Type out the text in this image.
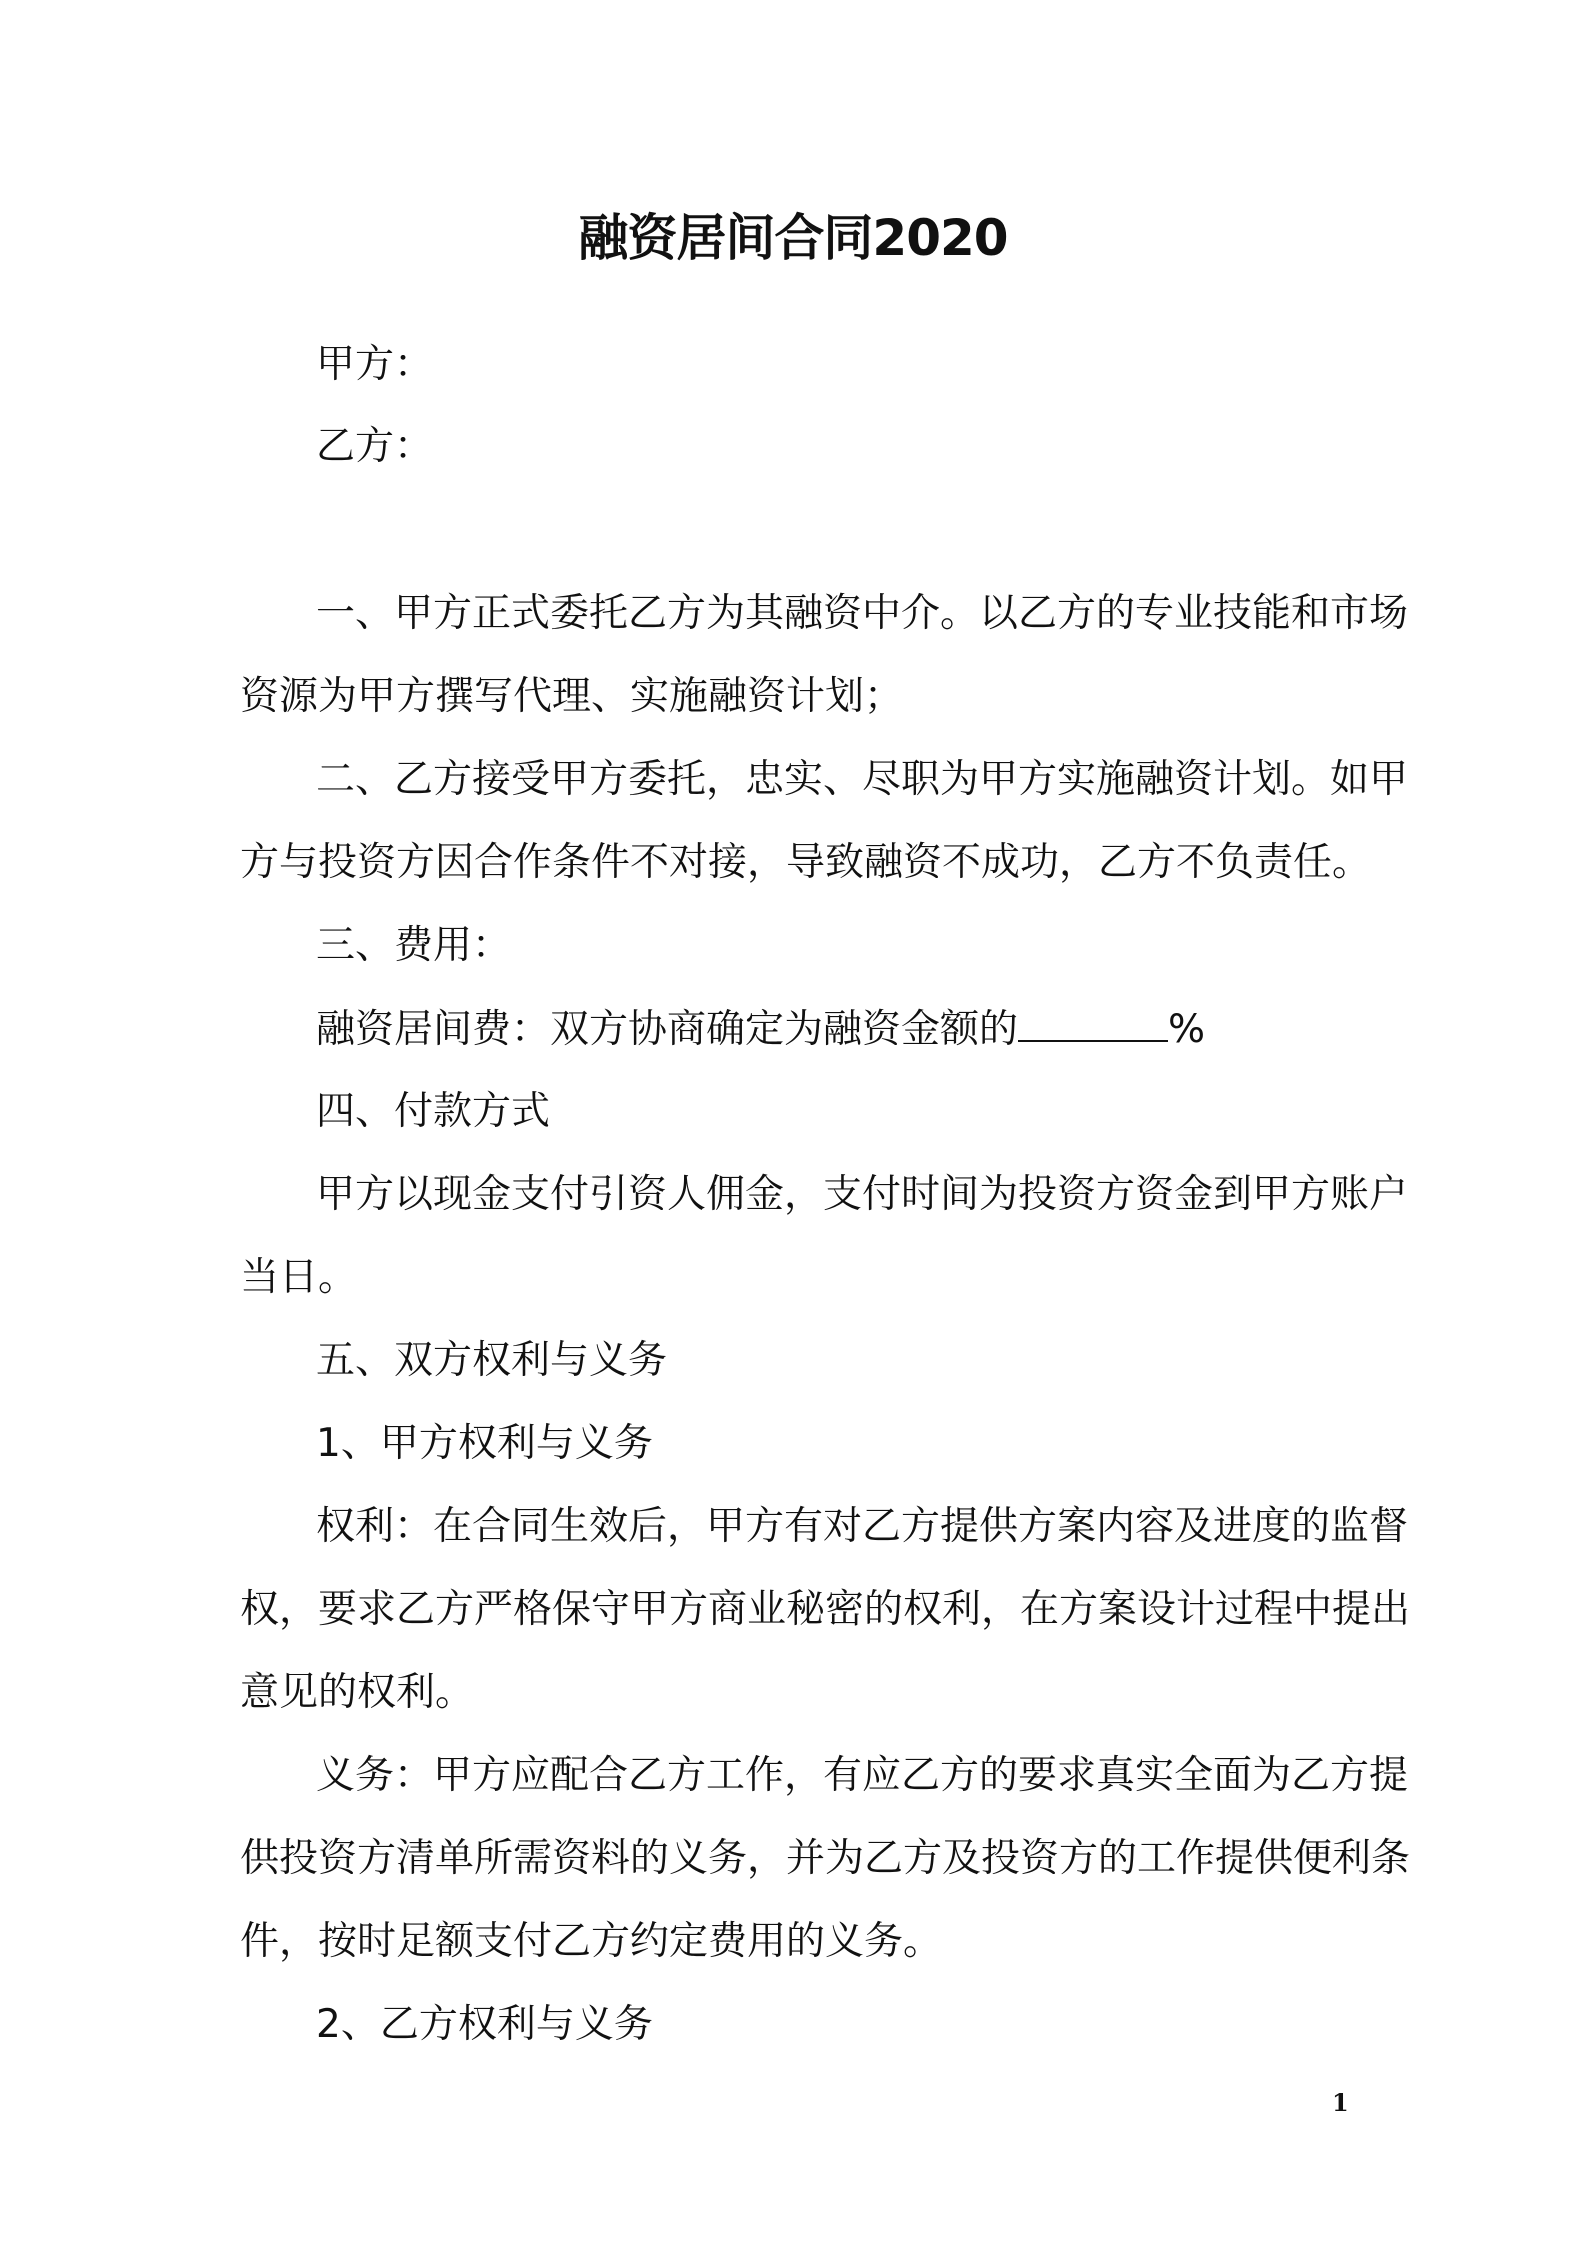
融资居间合同2020

甲方：

乙方：

一、甲方正式委托乙方为其融资中介。以乙方的专业技能和市场

资源为甲方撰写代理、实施融资计划；

二、乙方接受甲方委托，忠实、尽职为甲方实施融资计划。如甲

方与投资方因合作条件不对接，导致融资不成功，乙方不负责任。

三、费用：

融资居间费：双方协商确定为融资金额的	%

四、付款方式

甲方以现金支付引资人佣金，支付时间为投资方资金到甲方账户

当日。

五、双方权利与义务

1、甲方权利与义务

权利：在合同生效后，甲方有对乙方提供方案内容及进度的监督

权，要求乙方严格保守甲方商业秘密的权利，在方案设计过程中提出

意见的权利。

义务：甲方应配合乙方工作，有应乙方的要求真实全面为乙方提

供投资方清单所需资料的义务，并为乙方及投资方的工作提供便利条

件，按时足额支付乙方约定费用的义务。

2、乙方权利与义务

1
